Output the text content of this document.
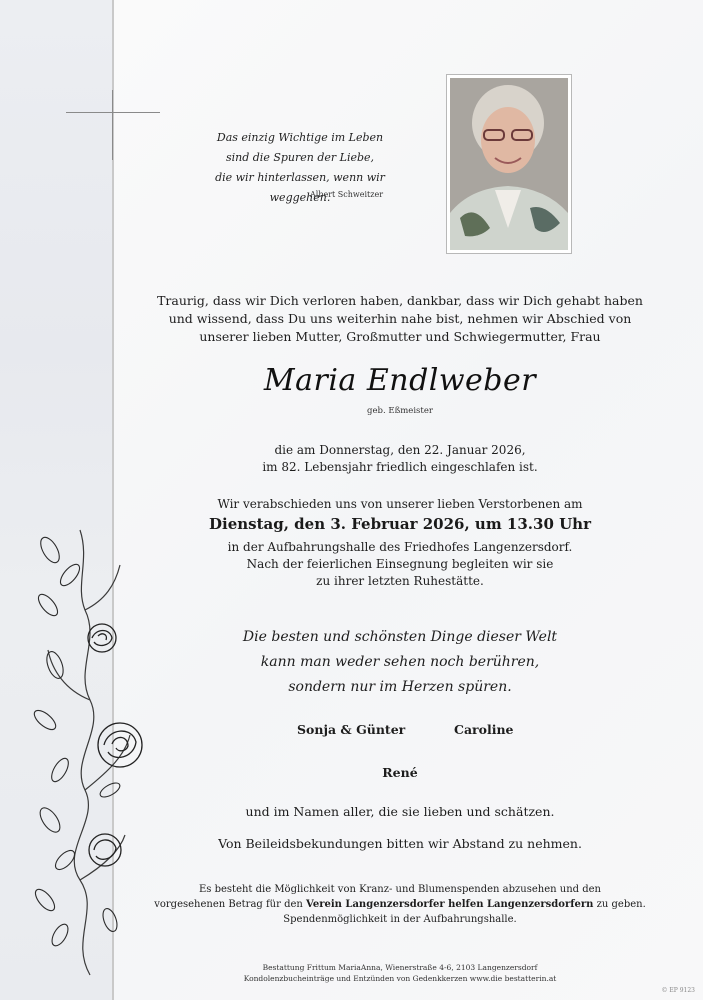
Das einzig Wichtige im Leben
sind die Spuren der Liebe,
die wir hinterlassen, wenn wir weggehen.
Albert Schweitzer
Traurig, dass wir Dich verloren haben, dankbar, dass wir Dich gehabt haben
und wissend, dass Du uns weiterhin nahe bist, nehmen wir Abschied von
unserer lieben Mutter, Großmutter und Schwiegermutter, Frau
Maria Endlweber
geb. Eßmeister
die am Donnerstag, den 22. Januar 2026,
im 82. Lebensjahr friedlich eingeschlafen ist.
Wir verabschieden uns von unserer lieben Verstorbenen am
Dienstag, den 3. Februar 2026, um 13.30 Uhr
in der Aufbahrungshalle des Friedhofes Langenzersdorf.
Nach der feierlichen Einsegnung begleiten wir sie
zu ihrer letzten Ruhestätte.
Die besten und schönsten Dinge dieser Welt
kann man weder sehen noch berühren,
sondern nur im Herzen spüren.
Sonja & Günter	Caroline
René
und im Namen aller, die sie lieben und schätzen.
Von Beileidsbekundungen bitten wir Abstand zu nehmen.
Es besteht die Möglichkeit von Kranz- und Blumenspenden abzusehen und den
vorgesehenen Betrag für den Verein Langenzersdorfer helfen Langenzersdorfern zu geben.
Spendenmöglichkeit in der Aufbahrungshalle.
Bestattung Frittum MariaAnna, Wienerstraße 4-6, 2103 Langenzersdorf
Kondolenzbucheinträge und Entzünden von Gedenkkerzen www.die bestatterin.at
© EP 9123
